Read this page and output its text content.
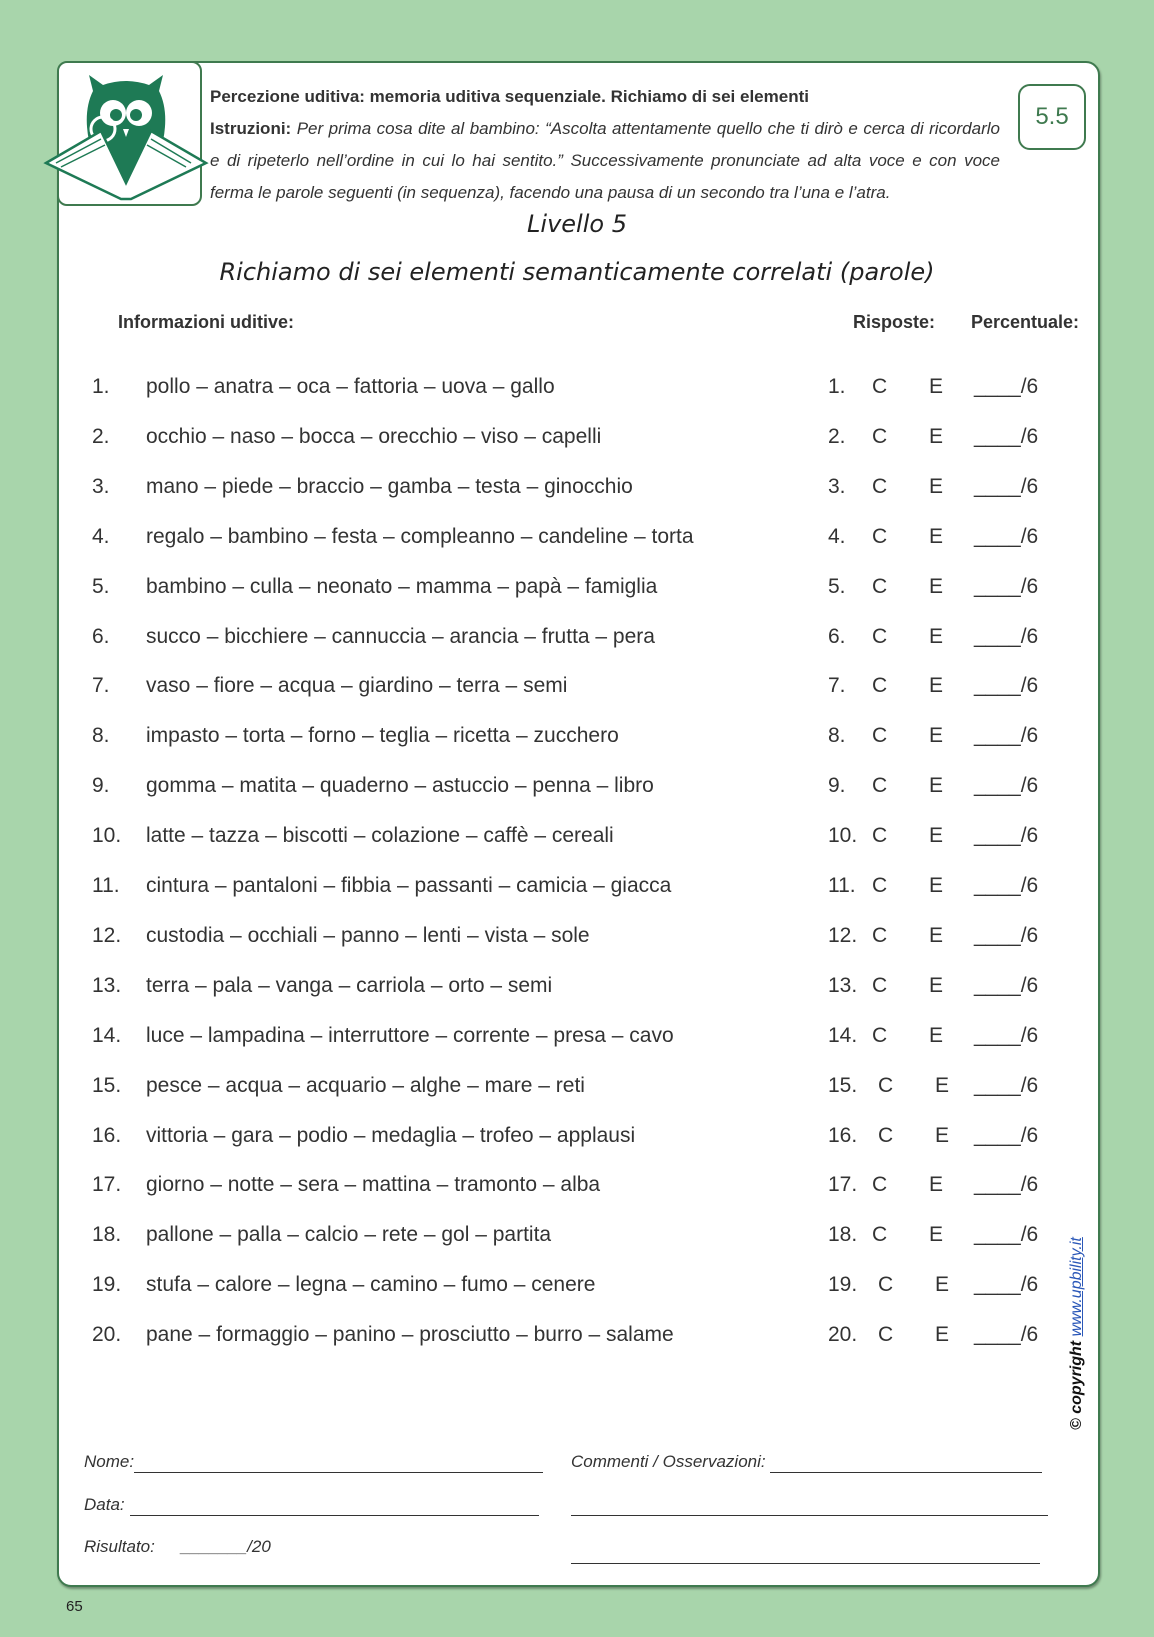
Percezione uditiva: memoria uditiva sequenziale. Richiamo di sei elementi
Istruzioni: Per prima cosa dite al bambino: “Ascolta attentamente quello che ti dirò e cerca di ricordarlo e di ripeterlo nell’ordine in cui lo hai sentito.” Successivamente pronunciate ad alta voce e con voce ferma le parole seguenti (in sequenza), facendo una pausa di un secondo tra l’una e l’atra.
5.5
Livello 5
Richiamo di sei elementi semanticamente correlati (parole)
Informazioni uditive:	Risposte: Percentuale:
1. pollo – anatra – oca – fattoria – uova – gallo	1. C E ____/6
2. occhio – naso – bocca – orecchio – viso – capelli	2. C E ____/6
3. mano – piede – braccio – gamba – testa – ginocchio	3. C E ____/6
4. regalo – bambino – festa – compleanno – candeline – torta	4. C E ____/6
5. bambino – culla – neonato – mamma – papà – famiglia	5. C E ____/6
6. succo – bicchiere – cannuccia – arancia – frutta – pera	6. C E ____/6
7. vaso – fiore – acqua – giardino – terra – semi	7. C E ____/6
8. impasto – torta – forno – teglia – ricetta – zucchero	8. C E ____/6
9. gomma – matita – quaderno – astuccio – penna – libro	9. C E ____/6
10. latte – tazza – biscotti – colazione – caffè – cereali	10. C E ____/6
11. cintura – pantaloni – fibbia – passanti – camicia – giacca	11. C E ____/6
12. custodia – occhiali – panno – lenti – vista – sole	12. C E ____/6
13. terra – pala – vanga – carriola – orto – semi	13. C E ____/6
14. luce – lampadina – interruttore – corrente – presa – cavo	14. C E ____/6
15. pesce – acqua – acquario – alghe – mare – reti	15. C E ____/6
16. vittoria – gara – podio – medaglia – trofeo – applausi	16. C E ____/6
17. giorno – notte – sera – mattina – tramonto – alba	17. C E ____/6
18. pallone – palla – calcio – rete – gol – partita	18. C E ____/6
19. stufa – calore – legna – camino – fumo – cenere	19. C E ____/6
20. pane – formaggio – panino – prosciutto – burro – salame	20. C E ____/6
Nome:
Data:
Risultato: _______/20
Commenti / Osservazioni:
© copyright www.upbility.it
65
